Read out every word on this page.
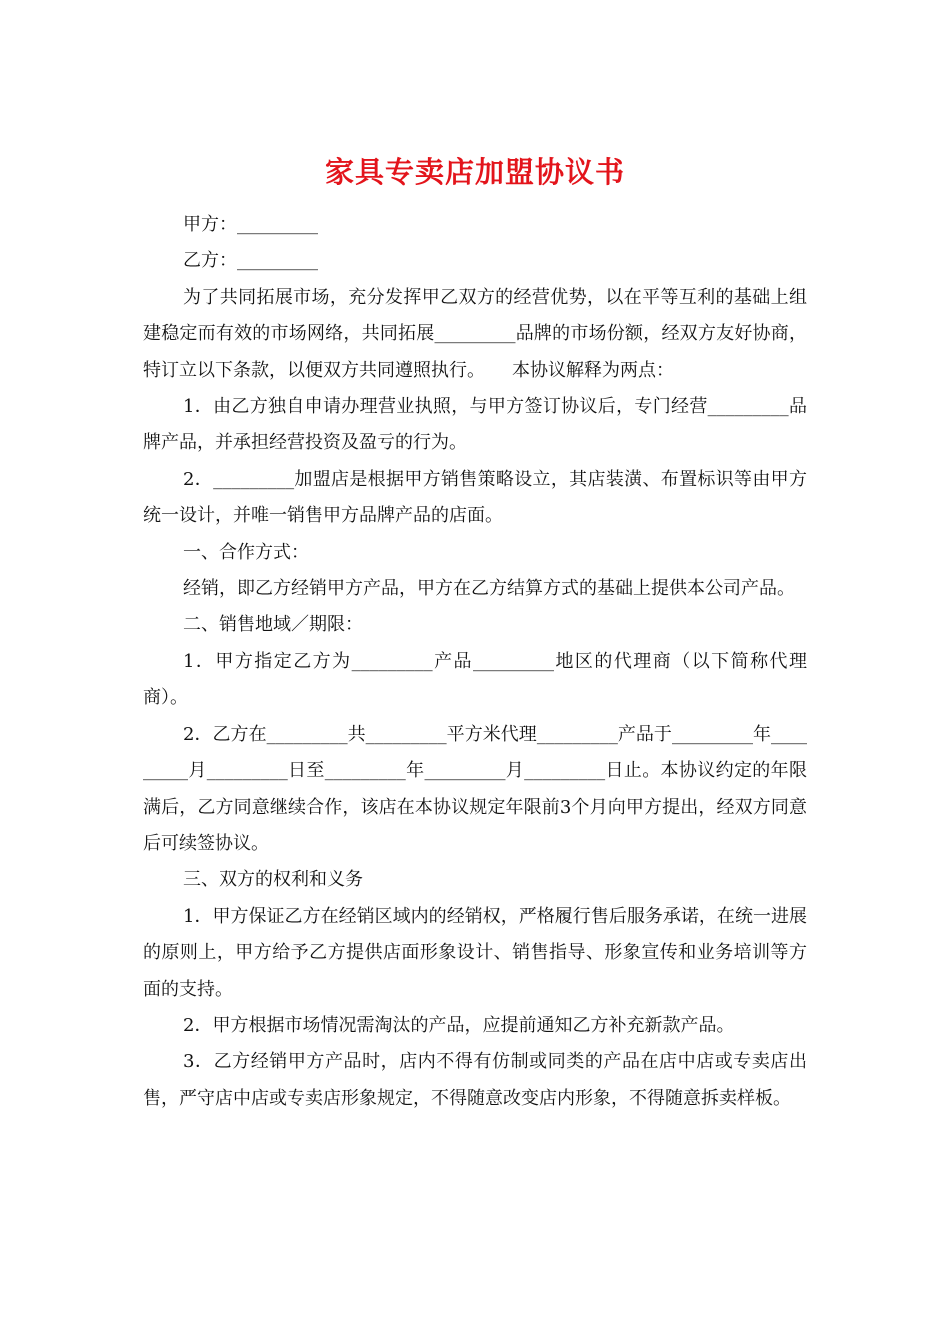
家具专卖店加盟协议书

甲方：_________

乙方：_________

为了共同拓展市场，充分发挥甲乙双方的经营优势，以在平等互利的基础上组建稳定而有效的市场网络，共同拓展_________品牌的市场份额，经双方友好协商，特订立以下条款，以便双方共同遵照执行。　　本协议解释为两点：

1．由乙方独自申请办理营业执照，与甲方签订协议后，专门经营_________品牌产品，并承担经营投资及盈亏的行为。

2．_________加盟店是根据甲方销售策略设立，其店装潢、布置标识等由甲方统一设计，并唯一销售甲方品牌产品的店面。

一、合作方式：

经销，即乙方经销甲方产品，甲方在乙方结算方式的基础上提供本公司产品。

二、销售地域／期限：

1．甲方指定乙方为_________产品_________地区的代理商（以下简称代理商）。

2．乙方在_________共_________平方米代理_________产品于_________年_________月_________日至_________年_________月_________日止。本协议约定的年限满后，乙方同意继续合作，该店在本协议规定年限前3个月向甲方提出，经双方同意后可续签协议。

三、双方的权利和义务

1．甲方保证乙方在经销区域内的经销权，严格履行售后服务承诺，在统一进展的原则上，甲方给予乙方提供店面形象设计、销售指导、形象宣传和业务培训等方面的支持。

2．甲方根据市场情况需淘汰的产品，应提前通知乙方补充新款产品。

3．乙方经销甲方产品时，店内不得有仿制或同类的产品在店中店或专卖店出售，严守店中店或专卖店形象规定，不得随意改变店内形象，不得随意拆卖样板。
